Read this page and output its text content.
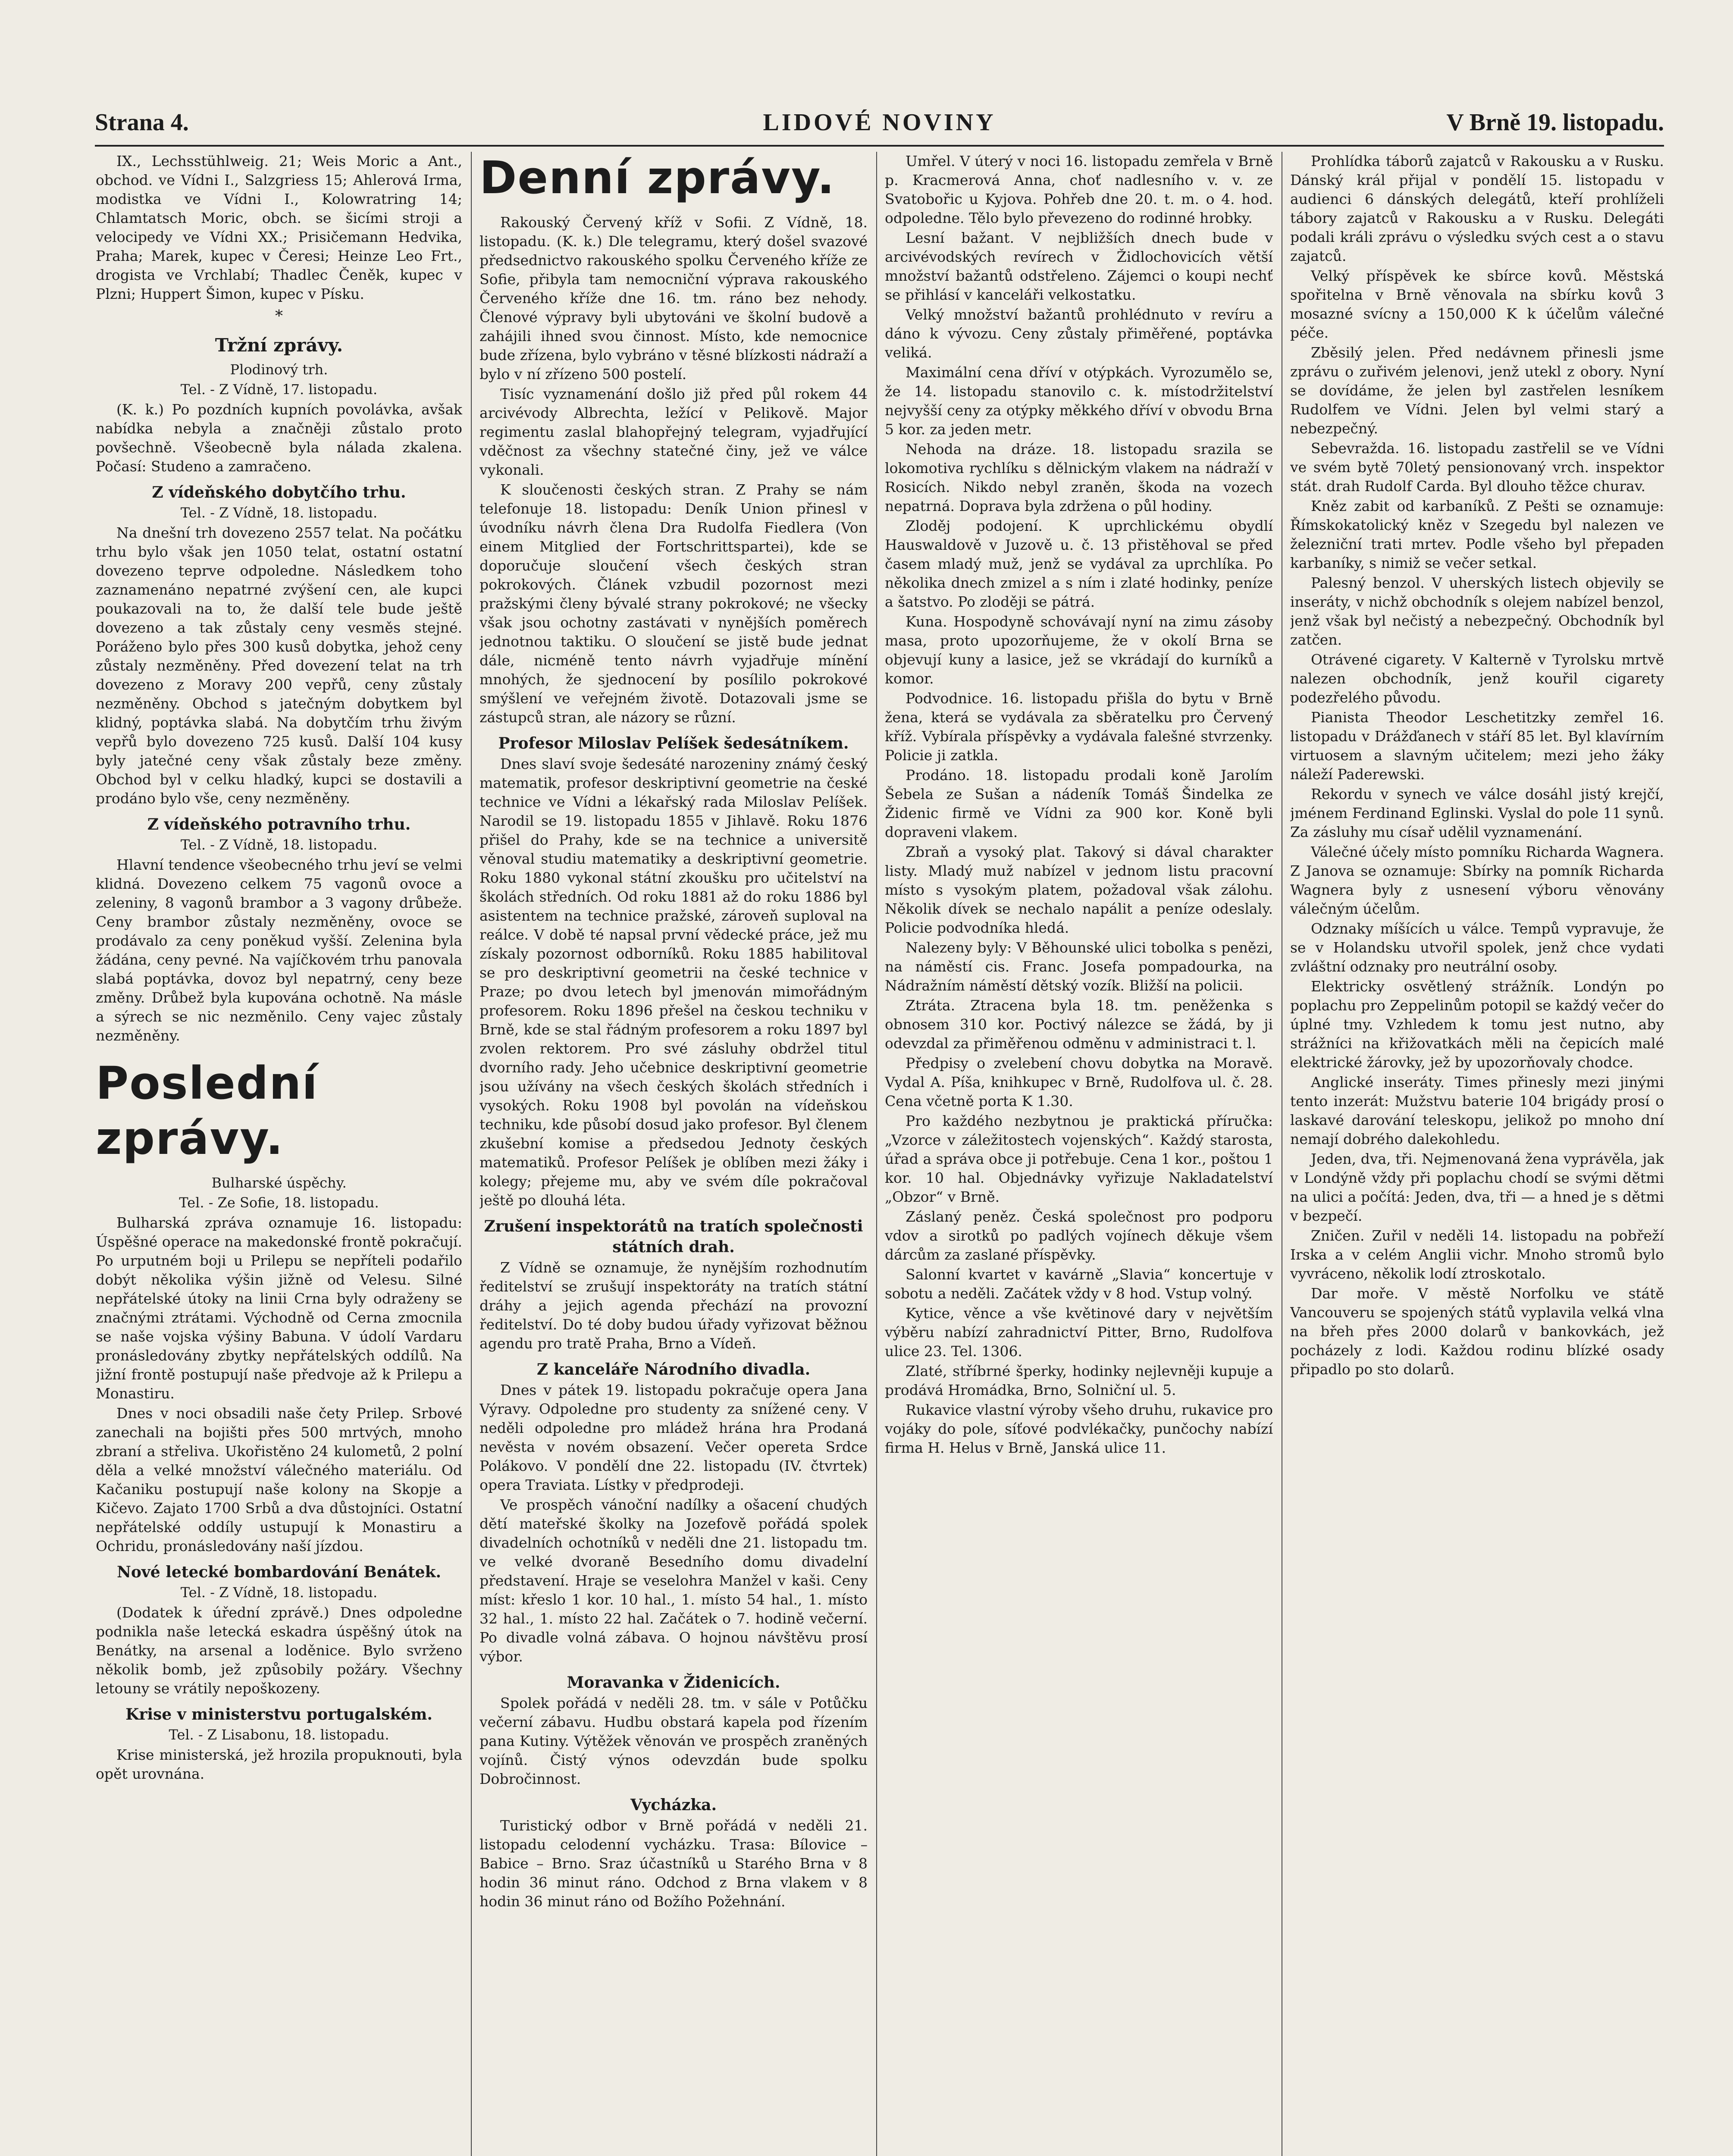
Strana 4.	LIDOVÉ NOVINY	V Brně 19. listopadu.

IX., Lechsstühlweig. 21; Weis Moric a Ant., obchod. ve Vídni I., Salzgriess 15; Ahlerová Irma, modistka ve Vídni I., Kolowratring 14; Chlamtatsch Moric, obch. se šicími stroji a velocipedy ve Vídni XX.; Prisičemann Hedvika, Praha; Marek, kupec v Čeresi; Heinze Leo Frt., drogista ve Vrchlabí; Thadlec Čeněk, kupec v Plzni; Huppert Šimon, kupec v Písku.

*
Tržní zprávy.
Plodinový trh.
Tel. - Z Vídně, 17. listopadu.

(K. k.) Po pozdních kupních povolávka, avšak nabídka nebyla a značněji zůstalo proto povšechně. Všeobecně byla nálada zkalena. Počasí: Studeno a zamračeno.

Z vídeňského dobytčího trhu.
Tel. - Z Vídně, 18. listopadu.

Na dnešní trh dovezeno 2557 telat. Na počátku trhu bylo však jen 1050 telat, ostatní ostatní dovezeno teprve odpoledne. Následkem toho zaznamenáno nepatrné zvýšení cen, ale kupci poukazovali na to, že další tele bude ještě dovezeno a tak zůstaly ceny vesměs stejné. Poráženo bylo přes 300 kusů dobytka, jehož ceny zůstaly nezměněny. Před dovezení telat na trh dovezeno z Moravy 200 vepřů, ceny zůstaly nezměněny. Obchod s jatečným dobytkem byl klidný, poptávka slabá. Na dobytčím trhu živým vepřů bylo dovezeno 725 kusů. Další 104 kusy byly jatečné ceny však zůstaly beze změny. Obchod byl v celku hladký, kupci se dostavili a prodáno bylo vše, ceny nezměněny.

Z vídeňského potravního trhu.
Tel. - Z Vídně, 18. listopadu.

Hlavní tendence všeobecného trhu jeví se velmi klidná. Dovezeno celkem 75 vagonů ovoce a zeleniny, 8 vagonů brambor a 3 vagony drůbeže. Ceny brambor zůstaly nezměněny, ovoce se prodávalo za ceny poněkud vyšší. Zelenina byla žádána, ceny pevné. Na vajíčkovém trhu panovala slabá poptávka, dovoz byl nepatrný, ceny beze změny. Drůbež byla kupována ochotně. Na másle a sýrech se nic nezměnilo. Ceny vajec zůstaly nezměněny.

Poslední zprávy.
Bulharské úspěchy.
Tel. - Ze Sofie, 18. listopadu.

Bulharská zpráva oznamuje 16. listopadu: Úspěšné operace na makedonské frontě pokračují. Po urputném boji u Prilepu se nepříteli podařilo dobýt několika výšin jižně od Velesu. Silné nepřátelské útoky na linii Crna byly odraženy se značnými ztrátami. Východně od Cerna zmocnila se naše vojska výšiny Babuna. V údolí Vardaru pronásledovány zbytky nepřátelských oddílů. Na jižní frontě postupují naše předvoje až k Prilepu a Monastiru.

Dnes v noci obsadili naše čety Prilep. Srbové zanechali na bojišti přes 500 mrtvých, mnoho zbraní a střeliva. Ukořistěno 24 kulometů, 2 polní děla a velké množství válečného materiálu. Od Kačaniku postupují naše kolony na Skopje a Kičevo. Zajato 1700 Srbů a dva důstojníci. Ostatní nepřátelské oddíly ustupují k Monastiru a Ochridu, pronásledovány naší jízdou.

Nové letecké bombardování Benátek.
Tel. - Z Vídně, 18. listopadu.

(Dodatek k úřední zprávě.) Dnes odpoledne podnikla naše letecká eskadra úspěšný útok na Benátky, na arsenal a loděnice. Bylo svrženo několik bomb, jež způsobily požáry. Všechny letouny se vrátily nepoškozeny.

Krise v ministerstvu portugalském.
Tel. - Z Lisabonu, 18. listopadu.

Krise ministerská, jež hrozila propuknouti, byla opět urovnána.

Denní zprávy.

Rakouský Červený kříž v Sofii. Z Vídně, 18. listopadu. (K. k.) Dle telegramu, který došel svazové předsednictvo rakouského spolku Červeného kříže ze Sofie, přibyla tam nemocniční výprava rakouského Červeného kříže dne 16. tm. ráno bez nehody. Členové výpravy byli ubytováni ve školní budově a zahájili ihned svou činnost. Místo, kde nemocnice bude zřízena, bylo vybráno v těsné blízkosti nádraží a bylo v ní zřízeno 500 postelí.

Tisíc vyznamenání došlo již před půl rokem 44 arcivévody Albrechta, ležící v Pelikově. Major regimentu zaslal blahopřejný telegram, vyjadřující vděčnost za všechny statečné činy, jež ve válce vykonali.

K sloučenosti českých stran. Z Prahy se nám telefonuje 18. listopadu: Deník Union přinesl v úvodníku návrh člena Dra Rudolfa Fiedlera (Von einem Mitglied der Fortschrittspartei), kde se doporučuje sloučení všech českých stran pokrokových. Článek vzbudil pozornost mezi pražskými členy bývalé strany pokrokové; ne všecky však jsou ochotny zastávati v nynějších poměrech jednotnou taktiku. O sloučení se jistě bude jednat dále, nicméně tento návrh vyjadřuje mínění mnohých, že sjednocení by posílilo pokrokové smýšlení ve veřejném životě. Dotazovali jsme se zástupců stran, ale názory se různí.

Profesor Miloslav Pelíšek šedesátníkem.

Dnes slaví svoje šedesáté narozeniny známý český matematik, profesor deskriptivní geometrie na české technice ve Vídni a lékařský rada Miloslav Pelíšek. Narodil se 19. listopadu 1855 v Jihlavě. Roku 1876 přišel do Prahy, kde se na technice a universitě věnoval studiu matematiky a deskriptivní geometrie. Roku 1880 vykonal státní zkoušku pro učitelství na školách středních. Od roku 1881 až do roku 1886 byl asistentem na technice pražské, zároveň suploval na reálce. V době té napsal první vědecké práce, jež mu získaly pozornost odborníků. Roku 1885 habilitoval se pro deskriptivní geometrii na české technice v Praze; po dvou letech byl jmenován mimořádným profesorem. Roku 1896 přešel na českou techniku v Brně, kde se stal řádným profesorem a roku 1897 byl zvolen rektorem. Pro své zásluhy obdržel titul dvorního rady. Jeho učebnice deskriptivní geometrie jsou užívány na všech českých školách středních i vysokých. Roku 1908 byl povolán na vídeňskou techniku, kde působí dosud jako profesor. Byl členem zkušební komise a předsedou Jednoty českých matematiků. Profesor Pelíšek je oblíben mezi žáky i kolegy; přejeme mu, aby ve svém díle pokračoval ještě po dlouhá léta.

Zrušení inspektorátů na tratích společnosti státních drah.

Z Vídně se oznamuje, že nynějším rozhodnutím ředitelství se zrušují inspektoráty na tratích státní dráhy a jejich agenda přechází na provozní ředitelství. Do té doby budou úřady vyřizovat běžnou agendu pro tratě Praha, Brno a Vídeň.

Z kanceláře Národního divadla.

Dnes v pátek 19. listopadu pokračuje opera Jana Výravy. Odpoledne pro studenty za snížené ceny. V neděli odpoledne pro mládež hrána hra Prodaná nevěsta v novém obsazení. Večer opereta Srdce Polákovo. V pondělí dne 22. listopadu (IV. čtvrtek) opera Traviata. Lístky v předprodeji.

Ve prospěch vánoční nadílky a ošacení chudých dětí mateřské školky na Jozefově pořádá spolek divadelních ochotníků v neděli dne 21. listopadu tm. ve velké dvoraně Besedního domu divadelní představení. Hraje se veselohra Manžel v kaši. Ceny míst: křeslo 1 kor. 10 hal., 1. místo 54 hal., 1. místo 32 hal., 1. místo 22 hal. Začátek o 7. hodině večerní. Po divadle volná zábava. O hojnou návštěvu prosí výbor.

Moravanka v Židenicích.

Spolek pořádá v neděli 28. tm. v sále v Potůčku večerní zábavu. Hudbu obstará kapela pod řízením pana Kutiny. Výtěžek věnován ve prospěch zraněných vojínů. Čistý výnos odevzdán bude spolku Dobročinnost.

Vycházka.

Turistický odbor v Brně pořádá v neděli 21. listopadu celodenní vycházku. Trasa: Bílovice – Babice – Brno. Sraz účastníků u Starého Brna v 8 hodin 36 minut ráno. Odchod z Brna vlakem v 8 hodin 36 minut ráno od Božího Požehnání.

Umřel. V úterý v noci 16. listopadu zemřela v Brně p. Kracmerová Anna, choť nadlesního v. v. ze Svatobořic u Kyjova. Pohřeb dne 20. t. m. o 4. hod. odpoledne. Tělo bylo převezeno do rodinné hrobky.

Lesní bažant. V nejbližších dnech bude v arcivévodských revírech v Židlochovicích větší množství bažantů odstřeleno. Zájemci o koupi nechť se přihlásí v kanceláři velkostatku.

Velký množství bažantů prohlédnuto v revíru a dáno k vývozu. Ceny zůstaly přiměřené, poptávka veliká.

Maximální cena dříví v otýpkách. Vyrozumělo se, že 14. listopadu stanovilo c. k. místodržitelství nejvyšší ceny za otýpky měkkého dříví v obvodu Brna 5 kor. za jeden metr.

Nehoda na dráze. 18. listopadu srazila se lokomotiva rychlíku s dělnickým vlakem na nádraží v Rosicích. Nikdo nebyl zraněn, škoda na vozech nepatrná. Doprava byla zdržena o půl hodiny.

Zloděj podojení. K uprchlickému obydlí Hauswaldově v Juzově u. č. 13 přistěhoval se před časem mladý muž, jenž se vydával za uprchlíka. Po několika dnech zmizel a s ním i zlaté hodinky, peníze a šatstvo. Po zloději se pátrá.

Kuna. Hospodyně schovávají nyní na zimu zásoby masa, proto upozorňujeme, že v okolí Brna se objevují kuny a lasice, jež se vkrádají do kurníků a komor.

Podvodnice. 16. listopadu přišla do bytu v Brně žena, která se vydávala za sběratelku pro Červený kříž. Vybírala příspěvky a vydávala falešné stvrzenky. Policie ji zatkla.

Prodáno. 18. listopadu prodali koně Jarolím Šebela ze Sušan a nádeník Tomáš Šindelka ze Židenic firmě ve Vídni za 900 kor. Koně byli dopraveni vlakem.

Zbraň a vysoký plat. Takový si dával charakter listy. Mladý muž nabízel v jednom listu pracovní místo s vysokým platem, požadoval však zálohu. Několik dívek se nechalo napálit a peníze odeslaly. Policie podvodníka hledá.

Nalezeny byly: V Běhounské ulici tobolka s penězi, na náměstí cis. Franc. Josefa pompadourka, na Nádražním náměstí dětský vozík. Bližší na policii.

Ztráta. Ztracena byla 18. tm. peněženka s obnosem 310 kor. Poctivý nálezce se žádá, by ji odevzdal za přiměřenou odměnu v administraci t. l.

Předpisy o zvelebení chovu dobytka na Moravě. Vydal A. Píša, knihkupec v Brně, Rudolfova ul. č. 28. Cena včetně porta K 1.30.

Pro každého nezbytnou je praktická příručka: „Vzorce v záležitostech vojenských“. Každý starosta, úřad a správa obce ji potřebuje. Cena 1 kor., poštou 1 kor. 10 hal. Objednávky vyřizuje Nakladatelství „Obzor“ v Brně.

Záslaný peněz. Česká společnost pro podporu vdov a sirotků po padlých vojínech děkuje všem dárcům za zaslané příspěvky.

Salonní kvartet v kavárně „Slavia“ koncertuje v sobotu a neděli. Začátek vždy v 8 hod. Vstup volný.

Kytice, věnce a vše květinové dary v největším výběru nabízí zahradnictví Pitter, Brno, Rudolfova ulice 23. Tel. 1306.

Zlaté, stříbrné šperky, hodinky nejlevněji kupuje a prodává Hromádka, Brno, Solniční ul. 5.

Rukavice vlastní výroby všeho druhu, rukavice pro vojáky do pole, síťové podvlékačky, punčochy nabízí firma H. Helus v Brně, Janská ulice 11.

Prohlídka táborů zajatců v Rakousku a v Rusku. Dánský král přijal v pondělí 15. listopadu v audienci 6 dánských delegátů, kteří prohlíželi tábory zajatců v Rakousku a v Rusku. Delegáti podali králi zprávu o výsledku svých cest a o stavu zajatců.

Velký příspěvek ke sbírce kovů. Městská spořitelna v Brně věnovala na sbírku kovů 3 mosazné svícny a 150,000 K k účelům válečné péče.

Zběsilý jelen. Před nedávnem přinesli jsme zprávu o zuřivém jelenovi, jenž utekl z obory. Nyní se dovídáme, že jelen byl zastřelen lesníkem Rudolfem ve Vídni. Jelen byl velmi starý a nebezpečný.

Sebevražda. 16. listopadu zastřelil se ve Vídni ve svém bytě 70letý pensionovaný vrch. inspektor stát. drah Rudolf Carda. Byl dlouho těžce churav.

Kněz zabit od karbaníků. Z Pešti se oznamuje: Římskokatolický kněz v Szegedu byl nalezen ve železniční trati mrtev. Podle všeho byl přepaden karbaníky, s nimiž se večer setkal.

Palesný benzol. V uherských listech objevily se inseráty, v nichž obchodník s olejem nabízel benzol, jenž však byl nečistý a nebezpečný. Obchodník byl zatčen.

Otrávené cigarety. V Kalterně v Tyrolsku mrtvě nalezen obchodník, jenž kouřil cigarety podezřelého původu.

Pianista Theodor Leschetitzky zemřel 16. listopadu v Drážďanech v stáří 85 let. Byl klavírním virtuosem a slavným učitelem; mezi jeho žáky náleží Paderewski.

Rekordu v synech ve válce dosáhl jistý krejčí, jménem Ferdinand Eglinski. Vyslal do pole 11 synů. Za zásluhy mu císař udělil vyznamenání.

Válečné účely místo pomníku Richarda Wagnera. Z Janova se oznamuje: Sbírky na pomník Richarda Wagnera byly z usnesení výboru věnovány válečným účelům.

Odznaky míšících u válce. Tempů vypravuje, že se v Holandsku utvořil spolek, jenž chce vydati zvláštní odznaky pro neutrální osoby.

Elektricky osvětlený strážník. Londýn po poplachu pro Zeppelinům potopil se každý večer do úplné tmy. Vzhledem k tomu jest nutno, aby strážníci na křižovatkách měli na čepicích malé elektrické žárovky, jež by upozorňovaly chodce.

Anglické inseráty. Times přinesly mezi jinými tento inzerát: Mužstvu baterie 104 brigády prosí o laskavé darování teleskopu, jelikož po mnoho dní nemají dobrého dalekohledu.

Jeden, dva, tři. Nejmenovaná žena vyprávěla, jak v Londýně vždy při poplachu chodí se svými dětmi na ulici a počítá: Jeden, dva, tři — a hned je s dětmi v bezpečí.

Zničen. Zuřil v neděli 14. listopadu na pobřeží Irska a v celém Anglii vichr. Mnoho stromů bylo vyvráceno, několik lodí ztroskotalo.

Dar moře. V městě Norfolku ve státě Vancouveru se spojených států vyplavila velká vlna na břeh přes 2000 dolarů v bankovkách, jež pocházely z lodi. Každou rodinu blízké osady připadlo po sto dolarů.
